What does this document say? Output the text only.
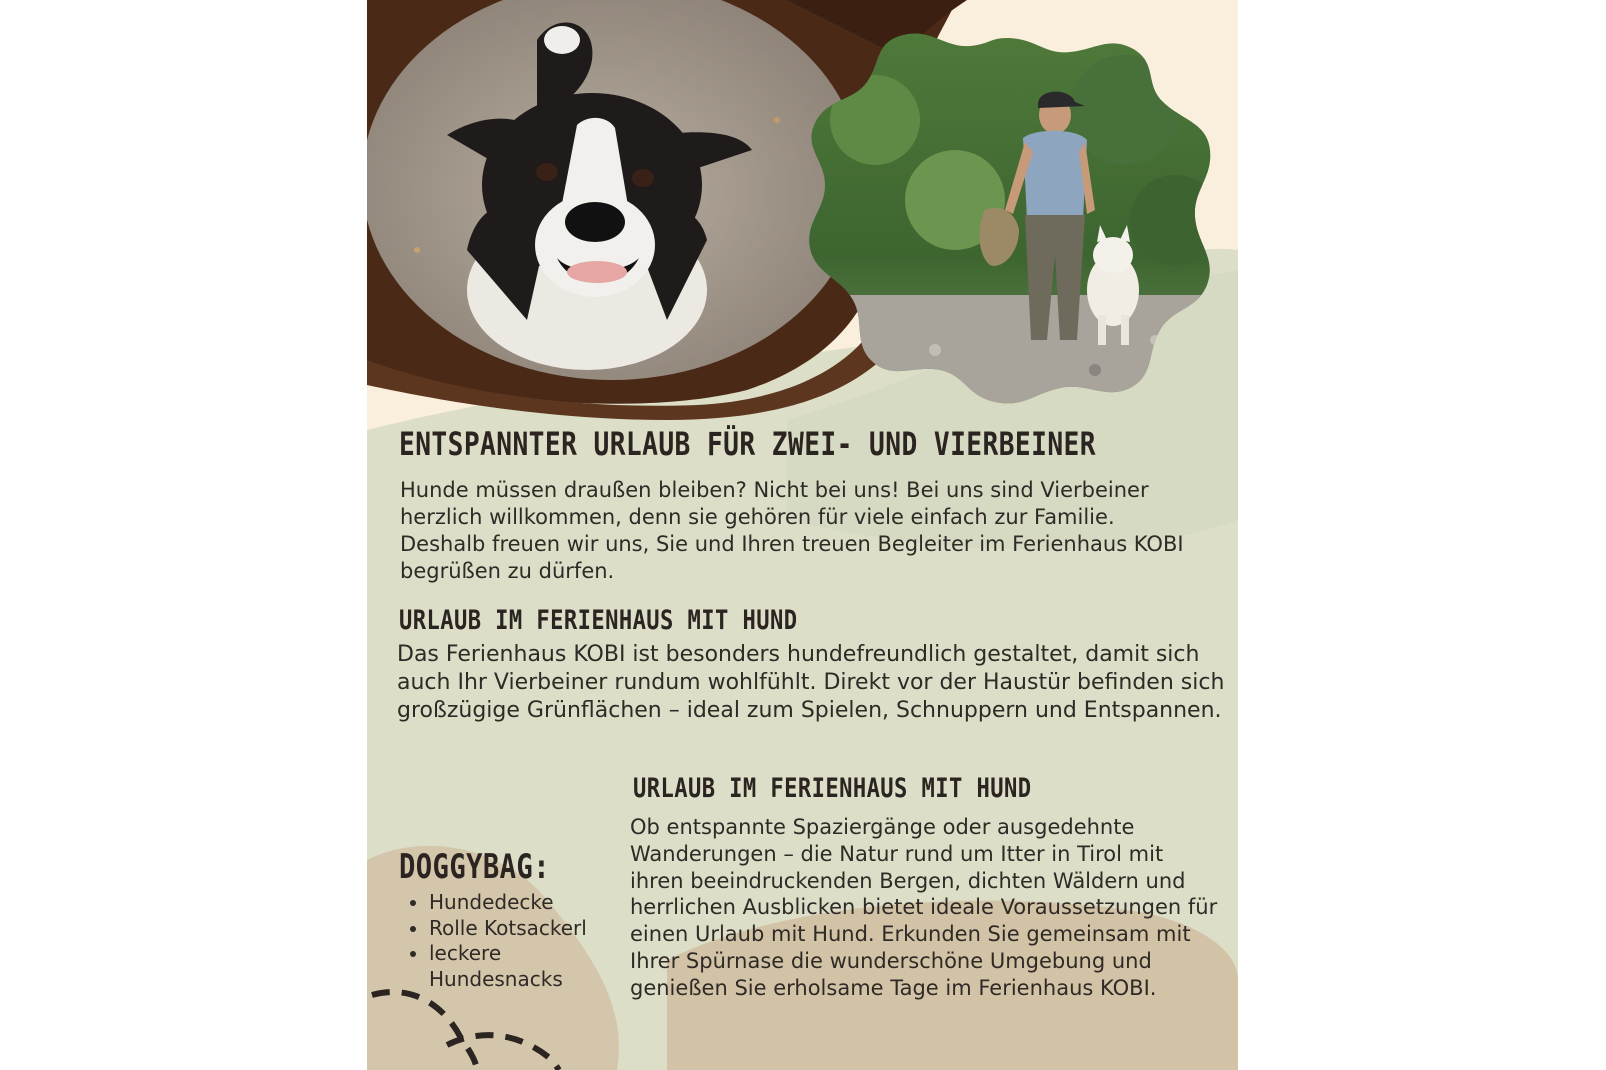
ENTSPANNTER URLAUB FÜR ZWEI- UND VIERBEINER

Hunde müssen draußen bleiben? Nicht bei uns! Bei uns sind Vierbeiner herzlich willkommen, denn sie gehören für viele einfach zur Familie. Deshalb freuen wir uns, Sie und Ihren treuen Begleiter im Ferienhaus KOBI begrüßen zu dürfen.

URLAUB IM FERIENHAUS MIT HUND

Das Ferienhaus KOBI ist besonders hundefreundlich gestaltet, damit sich auch Ihr Vierbeiner rundum wohlfühlt. Direkt vor der Haustür befinden sich großzügige Grünflächen – ideal zum Spielen, Schnuppern und Entspannen.

URLAUB IM FERIENHAUS MIT HUND

Ob entspannte Spaziergänge oder ausgedehnte Wanderungen – die Natur rund um Itter in Tirol mit ihren beeindruckenden Bergen, dichten Wäldern und herrlichen Ausblicken bietet ideale Voraussetzungen für einen Urlaub mit Hund. Erkunden Sie gemeinsam mit Ihrer Spürnase die wunderschöne Umgebung und genießen Sie erholsame Tage im Ferienhaus KOBI.

DOGGYBAG:
• Hundedecke
• Rolle Kotsackerl
• leckere Hundesnacks
